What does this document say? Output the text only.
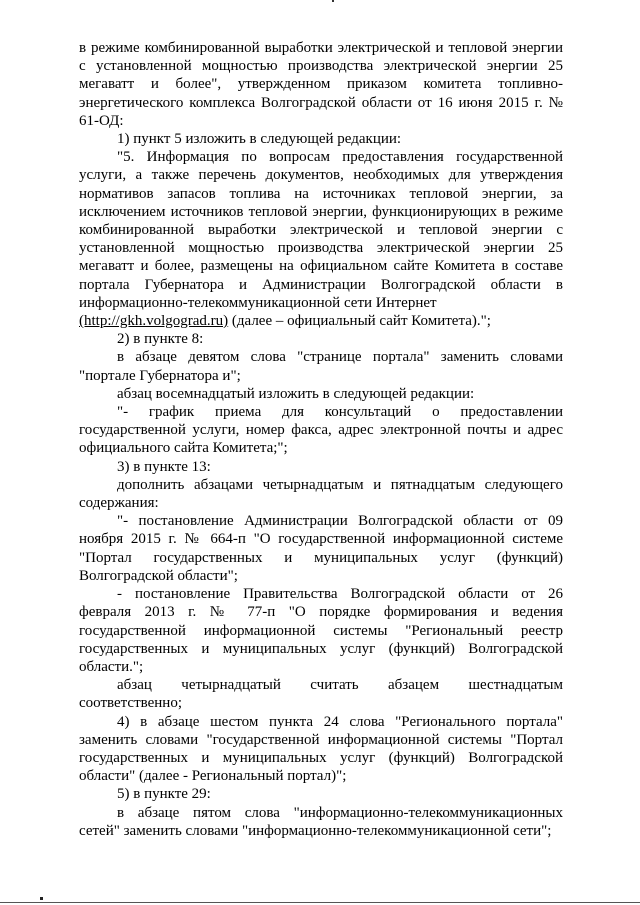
в режиме комбинированной выработки электрической и тепловой энергии с установленной мощностью производства электрической энергии 25 мегаватт и более", утвержденном приказом комитета топливно-энергетического комплекса Волгоградской области от 16 июня 2015 г. № 61-ОД:

1) пункт 5 изложить в следующей редакции:

"5. Информация по вопросам предоставления государственной услуги, а также перечень документов, необходимых для утверждения нормативов запасов топлива на источниках тепловой энергии, за исключением источников тепловой энергии, функционирующих в режиме комбинированной выработки электрической и тепловой энергии с установленной мощностью производства электрической энергии 25 мегаватт и более, размещены на официальном сайте Комитета в составе портала Губернатора и Администрации Волгоградской области в информационно-телекоммуникационной сети Интернет

(http://gkh.volgograd.ru) (далее – официальный сайт Комитета).";

2) в пункте 8:

в абзаце девятом слова "странице портала" заменить словами "портале Губернатора и";

абзац восемнадцатый изложить в следующей редакции:

"- график приема для консультаций о предоставлении государственной услуги, номер факса, адрес электронной почты и адрес официального сайта Комитета;";

3) в пункте 13:

дополнить абзацами четырнадцатым и пятнадцатым следующего содержания:

"- постановление Администрации Волгоградской области от 09 ноября 2015 г. № 664-п "О государственной информационной системе "Портал государственных и муниципальных услуг (функций) Волгоградской области";

- постановление Правительства Волгоградской области от 26 февраля 2013 г. № 77-п "О порядке формирования и ведения государственной информационной системы "Региональный реестр государственных и муниципальных услуг (функций) Волгоградской области.";

абзац четырнадцатый считать абзацем шестнадцатым соответственно;

4) в абзаце шестом пункта 24 слова "Регионального портала" заменить словами "государственной информационной системы "Портал государственных и муниципальных услуг (функций) Волгоградской области" (далее - Региональный портал)";

5) в пункте 29:

в абзаце пятом слова "информационно-телекоммуникационных сетей" заменить словами "информационно-телекоммуникационной сети";
